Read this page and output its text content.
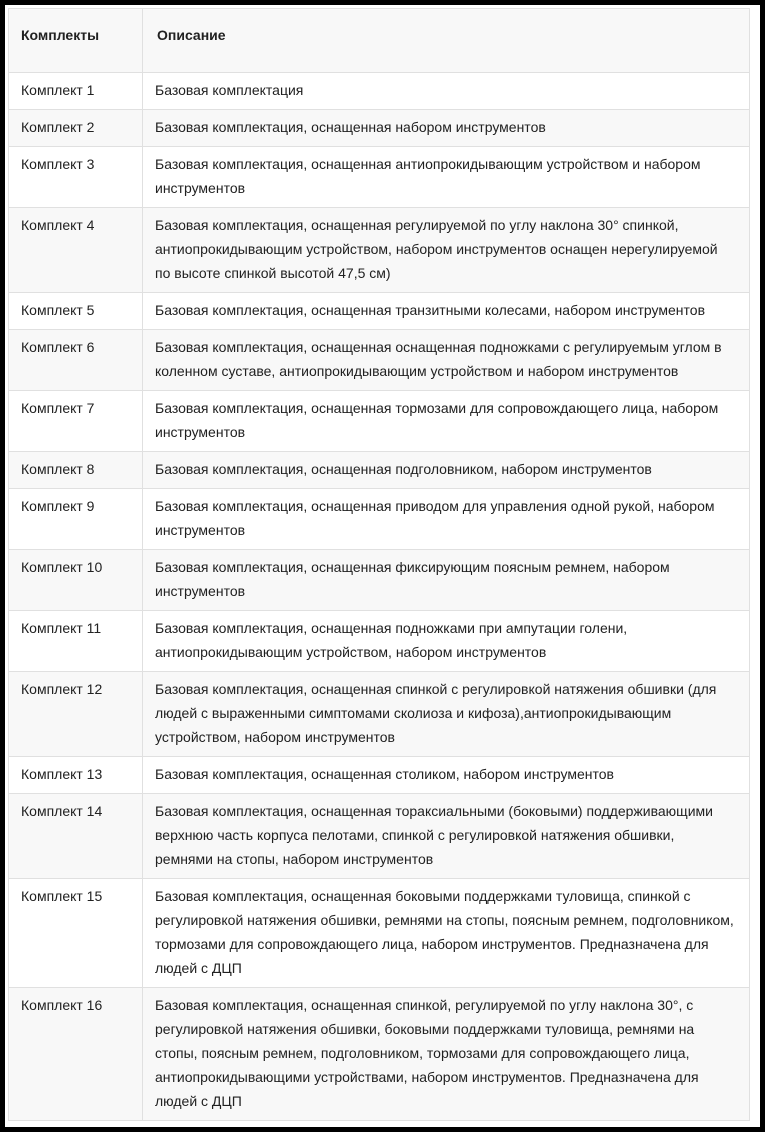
Комплекты	Описание
Комплект 1	Базовая комплектация
Комплект 2	Базовая комплектация, оснащенная набором инструментов
Комплект 3	Базовая комплектация, оснащенная антиопрокидывающим устройством и набором инструментов
Комплект 4	Базовая комплектация, оснащенная регулируемой по углу наклона 30° спинкой, антиопрокидывающим устройством, набором инструментов оснащен нерегулируемой по высоте спинкой высотой 47,5 см)
Комплект 5	Базовая комплектация, оснащенная транзитными колесами, набором инструментов
Комплект 6	Базовая комплектация, оснащенная оснащенная подножками с регулируемым углом в коленном суставе, антиопрокидывающим устройством и набором инструментов
Комплект 7	Базовая комплектация, оснащенная тормозами для сопровождающего лица, набором инструментов
Комплект 8	Базовая комплектация, оснащенная подголовником, набором инструментов
Комплект 9	Базовая комплектация, оснащенная приводом для управления одной рукой, набором инструментов
Комплект 10	Базовая комплектация, оснащенная фиксирующим поясным ремнем, набором инструментов
Комплект 11	Базовая комплектация, оснащенная подножками при ампутации голени, антиопрокидывающим устройством, набором инструментов
Комплект 12	Базовая комплектация, оснащенная спинкой с регулировкой натяжения обшивки (для людей с выраженными симптомами сколиоза и кифоза),антиопрокидывающим устройством, набором инструментов
Комплект 13	Базовая комплектация, оснащенная столиком, набором инструментов
Комплект 14	Базовая комплектация, оснащенная тораксиальными (боковыми) поддерживающими верхнюю часть корпуса пелотами, спинкой с регулировкой натяжения обшивки, ремнями на стопы, набором инструментов
Комплект 15	Базовая комплектация, оснащенная боковыми поддержками туловища, спинкой с регулировкой натяжения обшивки, ремнями на стопы, поясным ремнем, подголовником, тормозами для сопровождающего лица, набором инструментов. Предназначена для людей с ДЦП
Комплект 16	Базовая комплектация, оснащенная спинкой, регулируемой по углу наклона 30°, с регулировкой натяжения обшивки, боковыми поддержками туловища, ремнями на стопы, поясным ремнем, подголовником, тормозами для сопровождающего лица, антиопрокидывающими устройствами, набором инструментов. Предназначена для людей с ДЦП
